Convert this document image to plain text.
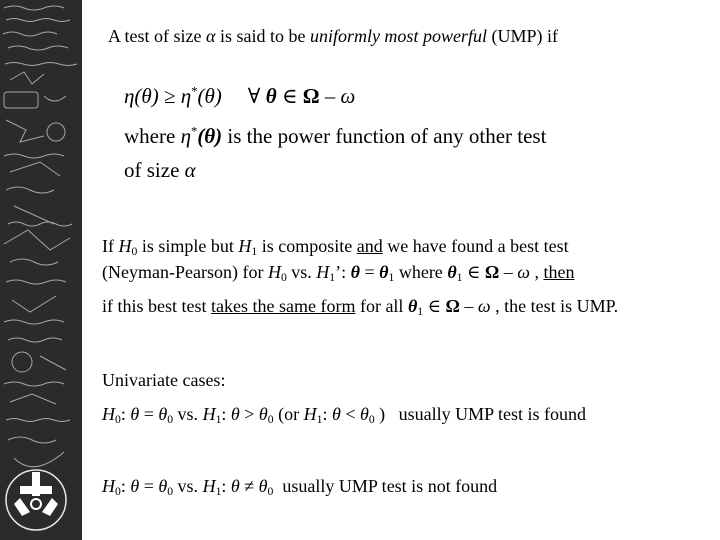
A test of size α is said to be uniformly most powerful (UMP) if
η(θ) ≥ η*(θ) ∀ θ ∈ Ω – ω
where η*(θ) is the power function of any other test
of size α
If $H_0$ is simple but $H_1$ is composite and we have found a best test
(Neyman-Pearson) for $H_0$ vs. $H_1$’: $\theta = \theta_1$ where $\theta_1$ ∈ Ω – ω , then
if this best test takes the same form for all $\theta_1$ ∈ Ω – ω , the test is UMP.
Univariate cases:
$H_0$: $\theta = \theta_0$ vs. $H_1$: $\theta > \theta_0$ (or $H_1$: $\theta < \theta_0$ ) usually UMP test is found
$H_0$: $\theta = \theta_0$ vs. $H_1$: $\theta \ne \theta_0$ usually UMP test is not found
